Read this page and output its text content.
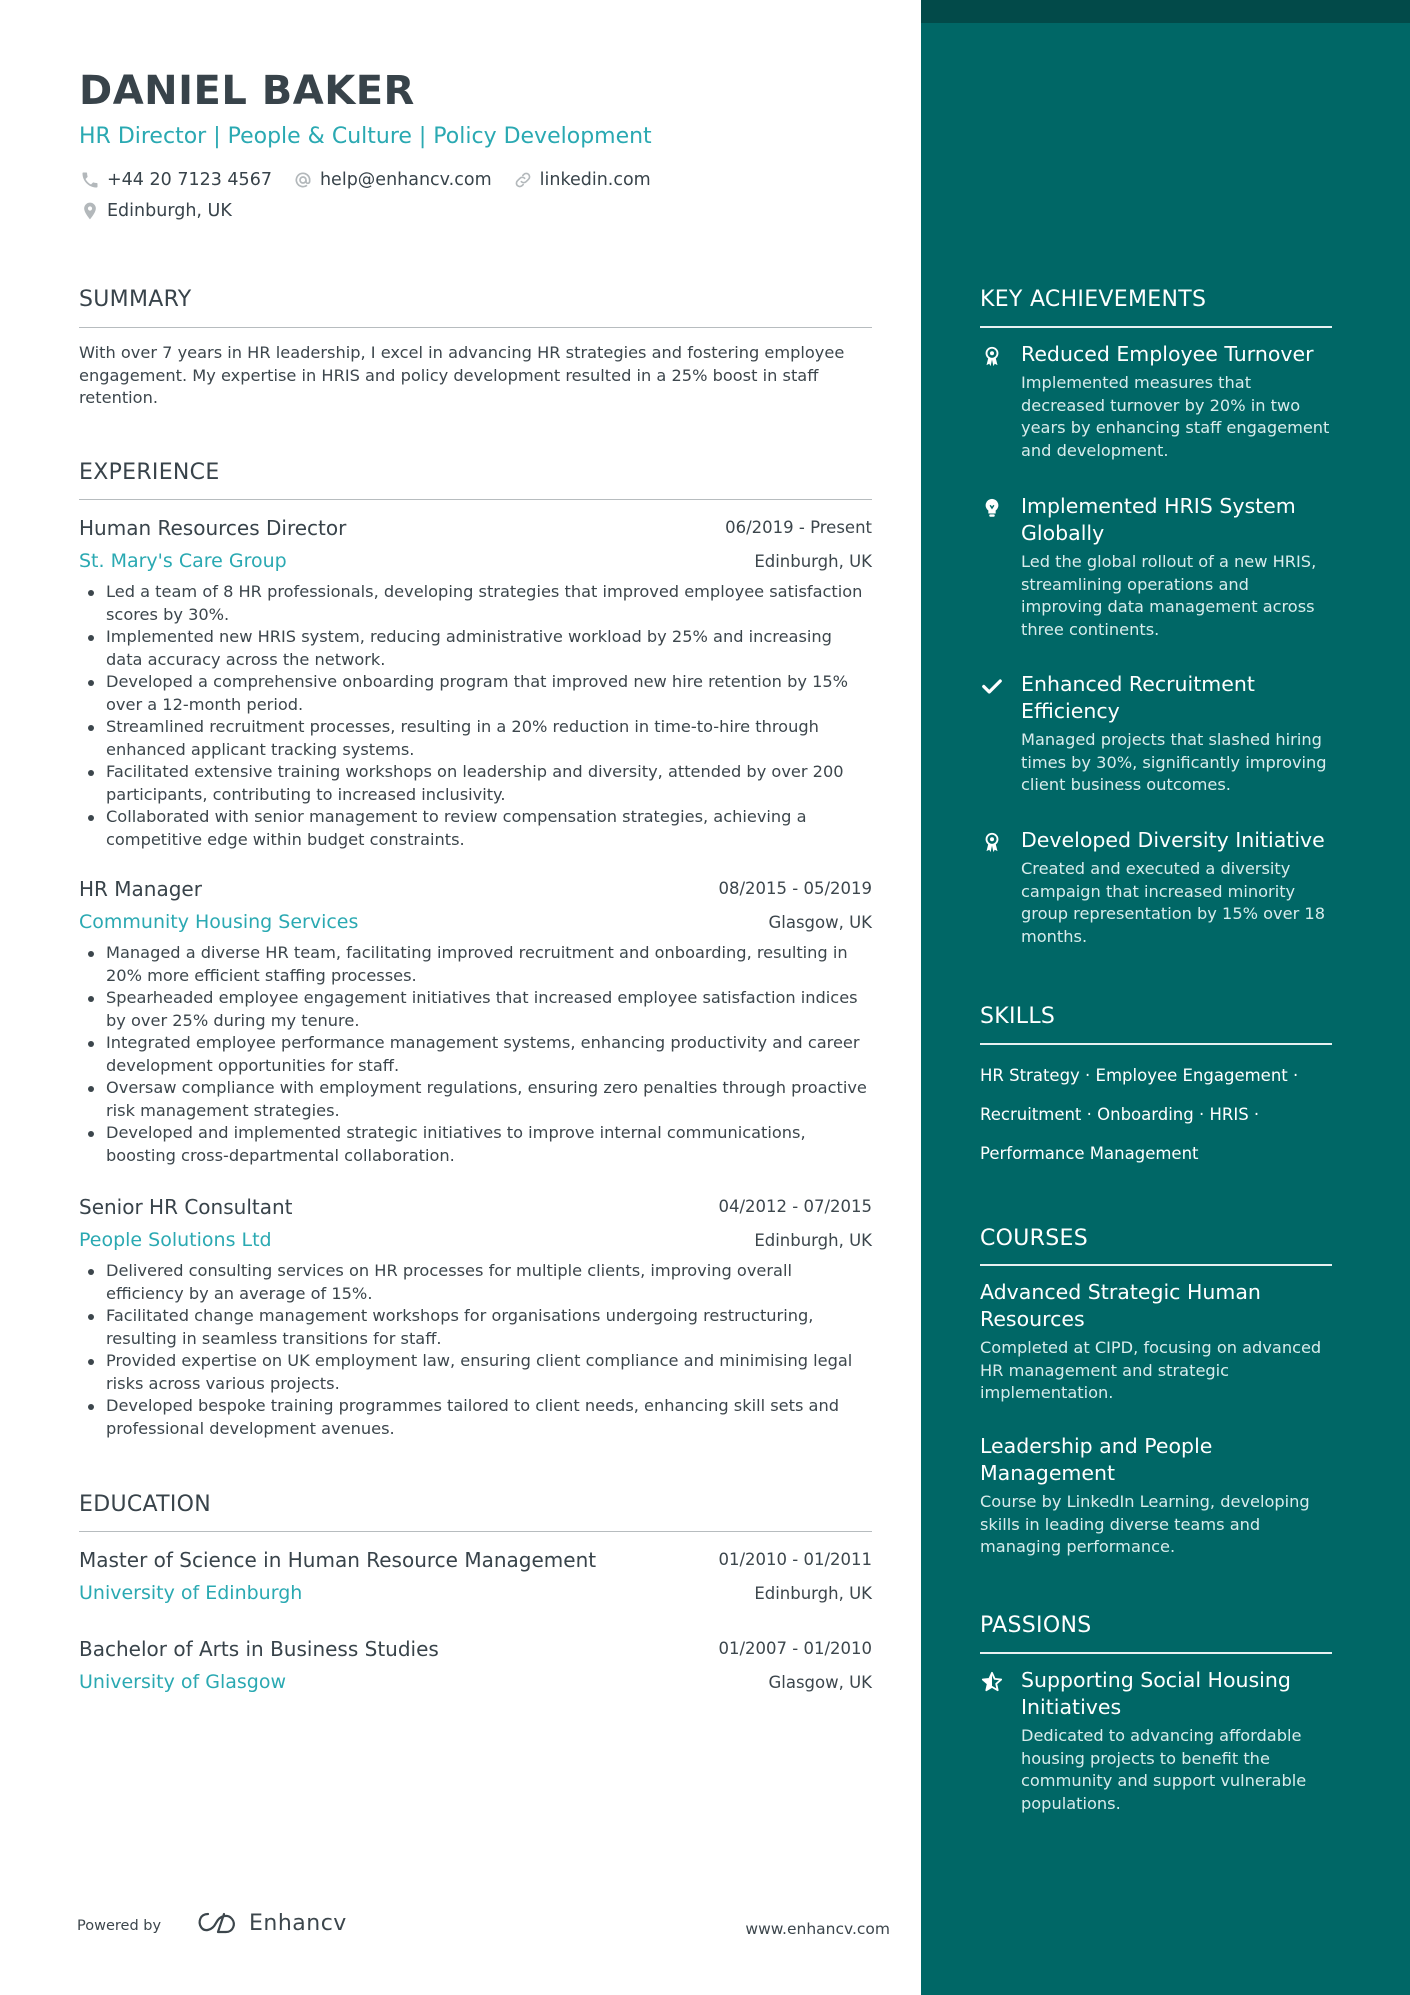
DANIEL BAKER
HR Director | People & Culture | Policy Development
+44 20 7123 4567	help@enhancv.com	linkedin.com
Edinburgh, UK
SUMMARY
With over 7 years in HR leadership, I excel in advancing HR strategies and fostering employee engagement. My expertise in HRIS and policy development resulted in a 25% boost in staff retention.
EXPERIENCE
Human Resources Director	06/2019 - Present
St. Mary's Care Group	Edinburgh, UK
Led a team of 8 HR professionals, developing strategies that improved employee satisfaction scores by 30%.
Implemented new HRIS system, reducing administrative workload by 25% and increasing data accuracy across the network.
Developed a comprehensive onboarding program that improved new hire retention by 15% over a 12-month period.
Streamlined recruitment processes, resulting in a 20% reduction in time-to-hire through enhanced applicant tracking systems.
Facilitated extensive training workshops on leadership and diversity, attended by over 200 participants, contributing to increased inclusivity.
Collaborated with senior management to review compensation strategies, achieving a competitive edge within budget constraints.
HR Manager	08/2015 - 05/2019
Community Housing Services	Glasgow, UK
Managed a diverse HR team, facilitating improved recruitment and onboarding, resulting in 20% more efficient staffing processes.
Spearheaded employee engagement initiatives that increased employee satisfaction indices by over 25% during my tenure.
Integrated employee performance management systems, enhancing productivity and career development opportunities for staff.
Oversaw compliance with employment regulations, ensuring zero penalties through proactive risk management strategies.
Developed and implemented strategic initiatives to improve internal communications, boosting cross-departmental collaboration.
Senior HR Consultant	04/2012 - 07/2015
People Solutions Ltd	Edinburgh, UK
Delivered consulting services on HR processes for multiple clients, improving overall efficiency by an average of 15%.
Facilitated change management workshops for organisations undergoing restructuring, resulting in seamless transitions for staff.
Provided expertise on UK employment law, ensuring client compliance and minimising legal risks across various projects.
Developed bespoke training programmes tailored to client needs, enhancing skill sets and professional development avenues.
EDUCATION
Master of Science in Human Resource Management	01/2010 - 01/2011
University of Edinburgh	Edinburgh, UK
Bachelor of Arts in Business Studies	01/2007 - 01/2010
University of Glasgow	Glasgow, UK
Powered by	Enhancv	www.enhancv.com
KEY ACHIEVEMENTS
Reduced Employee Turnover
Implemented measures that decreased turnover by 20% in two years by enhancing staff engagement and development.
Implemented HRIS System Globally
Led the global rollout of a new HRIS, streamlining operations and improving data management across three continents.
Enhanced Recruitment Efficiency
Managed projects that slashed hiring times by 30%, significantly improving client business outcomes.
Developed Diversity Initiative
Created and executed a diversity campaign that increased minority group representation by 15% over 18 months.
SKILLS
HR Strategy · Employee Engagement ·
Recruitment · Onboarding · HRIS ·
Performance Management
COURSES
Advanced Strategic Human Resources
Completed at CIPD, focusing on advanced HR management and strategic implementation.
Leadership and People Management
Course by LinkedIn Learning, developing skills in leading diverse teams and managing performance.
PASSIONS
Supporting Social Housing Initiatives
Dedicated to advancing affordable housing projects to benefit the community and support vulnerable populations.
